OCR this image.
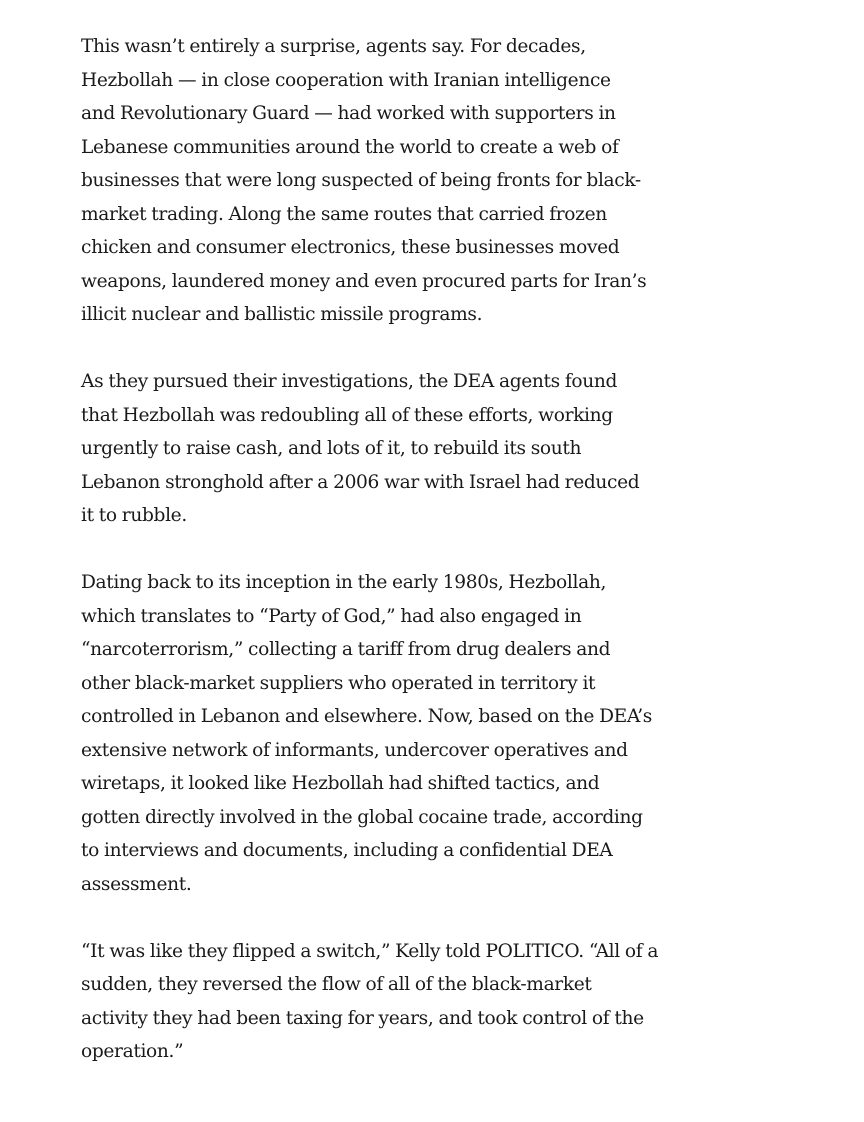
This wasn’t entirely a surprise, agents say. For decades,
Hezbollah — in close cooperation with Iranian intelligence
and Revolutionary Guard — had worked with supporters in
Lebanese communities around the world to create a web of
businesses that were long suspected of being fronts for black-
market trading. Along the same routes that carried frozen
chicken and consumer electronics, these businesses moved
weapons, laundered money and even procured parts for Iran’s
illicit nuclear and ballistic missile programs.

As they pursued their investigations, the DEA agents found
that Hezbollah was redoubling all of these efforts, working
urgently to raise cash, and lots of it, to rebuild its south
Lebanon stronghold after a 2006 war with Israel had reduced
it to rubble.

Dating back to its inception in the early 1980s, Hezbollah,
which translates to “Party of God,” had also engaged in
“narcoterrorism,” collecting a tariff from drug dealers and
other black-market suppliers who operated in territory it
controlled in Lebanon and elsewhere. Now, based on the DEA’s
extensive network of informants, undercover operatives and
wiretaps, it looked like Hezbollah had shifted tactics, and
gotten directly involved in the global cocaine trade, according
to interviews and documents, including a confidential DEA
assessment.

“It was like they flipped a switch,” Kelly told POLITICO. “All of a
sudden, they reversed the flow of all of the black-market
activity they had been taxing for years, and took control of the
operation.”
